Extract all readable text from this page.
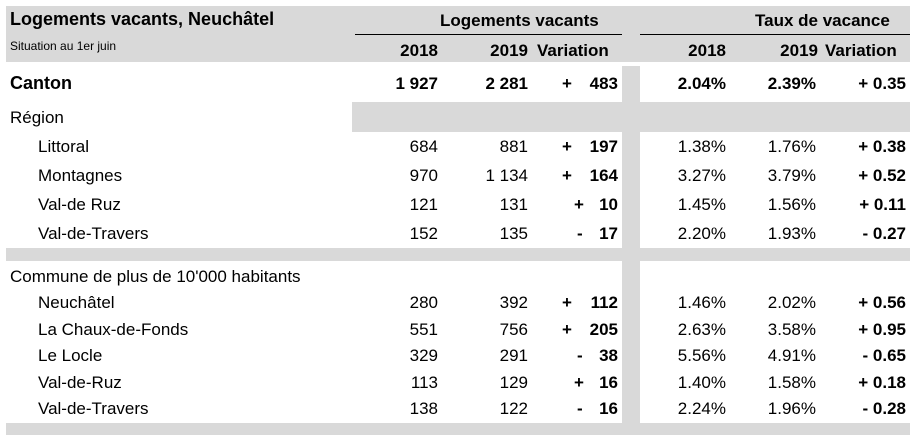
Logements vacants, Neuchâtel
Situation au 1er juin
Logements vacants	Taux de vacance
2018	2019 Variation	2018	2019 Variation
Canton	1 927	2 281 +	483	2.04%	2.39%	+ 0.35
Région
Littoral	684	881 +	197	1.38%	1.76%	+ 0.38
Montagnes	970	1 134 +	164	3.27%	3.79%	+ 0.52
Val-de Ruz	121	131	+ 10	1.45%	1.56%	+ 0.11
Val-de-Travers	152	135	- 17	2.20%	1.93%	- 0.27
Commune de plus de 10'000 habitants
Neuchâtel	280	392 +	112	1.46%	2.02%	+ 0.56
La Chaux-de-Fonds	551	756 +	205	2.63%	3.58%	+ 0.95
Le Locle	329	291	- 38	5.56%	4.91%	- 0.65
Val-de-Ruz	113	129	+ 16	1.40%	1.58%	+ 0.18
Val-de-Travers	138	122	- 16	2.24%	1.96%	- 0.28
